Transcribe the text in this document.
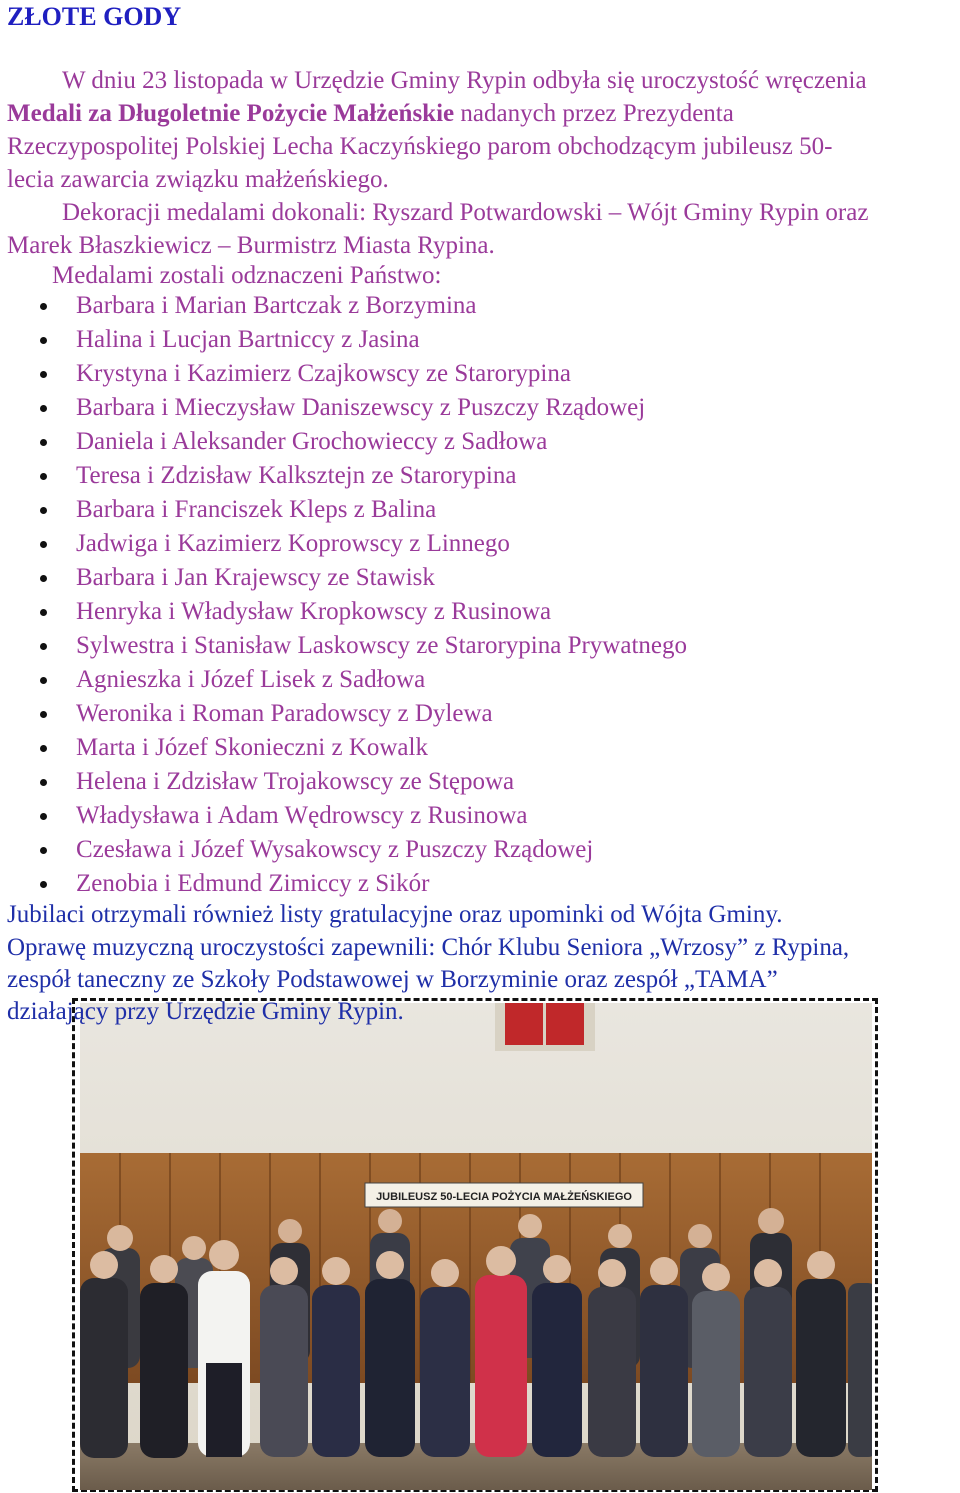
ZŁOTE GODY

W dniu 23 listopada w Urzędzie Gminy Rypin odbyła się uroczystość wręczenia

Medali za Długoletnie Pożycie Małżeńskie nadanych przez Prezydenta

Rzeczypospolitej Polskiej Lecha Kaczyńskiego parom obchodzącym jubileusz 50-

lecia zawarcia związku małżeńskiego.

Dekoracji medalami dokonali: Ryszard Potwardowski – Wójt Gminy Rypin oraz

Marek Błaszkiewicz – Burmistrz Miasta Rypina.

Medalami zostali odznaczeni Państwo:

Barbara i Marian Bartczak z Borzymina
Halina i Lucjan Bartniccy z Jasina
Krystyna i Kazimierz Czajkowscy ze Starorypina
Barbara i Mieczysław Daniszewscy z Puszczy Rządowej
Daniela i Aleksander Grochowieccy z Sadłowa
Teresa i Zdzisław Kalksztejn ze Starorypina
Barbara i Franciszek Kleps z Balina
Jadwiga i Kazimierz Koprowscy z Linnego
Barbara i Jan Krajewscy ze Stawisk
Henryka i Władysław Kropkowscy z Rusinowa
Sylwestra i Stanisław Laskowscy ze Starorypina Prywatnego
Agnieszka i Józef Lisek z Sadłowa
Weronika i Roman Paradowscy z Dylewa
Marta i Józef Skonieczni z Kowalk
Helena i Zdzisław Trojakowscy ze Stępowa
Władysława i Adam Wędrowscy z Rusinowa
Czesława i Józef Wysakowscy z Puszczy Rządowej
Zenobia i Edmund Zimiccy z Sikór

Jubilaci otrzymali również listy gratulacyjne oraz upominki od Wójta Gminy.

Oprawę muzyczną uroczystości zapewnili: Chór Klubu Seniora „Wrzosy” z Rypina,

zespół taneczny ze Szkoły Podstawowej w Borzyminie oraz zespół „TAMA”

działający przy Urzędzie Gminy Rypin.

JUBILEUSZ 50-LECIA POŻYCIA MAŁŻEŃSKIEGO
